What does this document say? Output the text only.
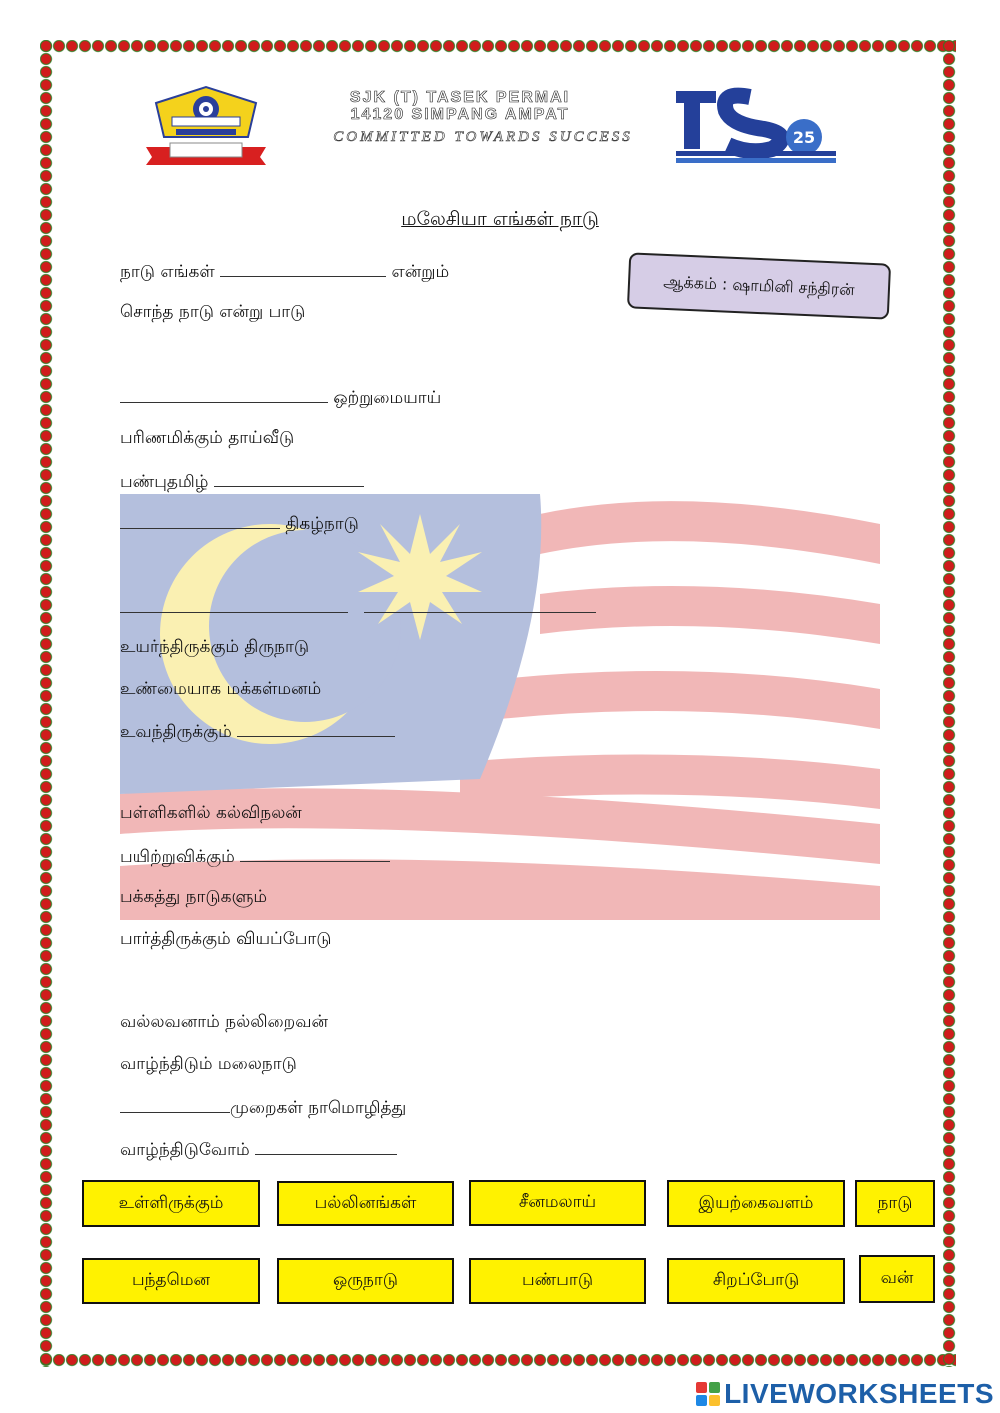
SJK (T) TASEK PERMAI
14120 SIMPANG AMPAT
COMMITTED TOWARDS SUCCESS	25
மலேசியா எங்கள் நாடு
ஆக்கம் : ஷாமினி சந்திரன்
நாடு எங்கள்	என்றும்
சொந்த நாடு என்று பாடு
ஒற்றுமையாய்
பரிணமிக்கும் தாய்வீடு
பண்புதமிழ்
திகழ்நாடு

உயர்ந்திருக்கும் திருநாடு
உண்மையாக மக்கள்மனம்
உவந்திருக்கும்
பள்ளிகளில் கல்விநலன்
பயிற்றுவிக்கும்
பக்கத்து நாடுகளும்
பார்த்திருக்கும் வியப்போடு
வல்லவனாம் நல்லிறைவன்
வாழ்ந்திடும் மலைநாடு
முறைகள் நாமொழித்து
வாழ்ந்திடுவோம்
உள்ளிருக்கும்	பல்லினங்கள்	சீனமலாய்	இயற்கைவளம்	நாடு
பந்தமென	ஒருநாடு	பண்பாடு	சிறப்போடு	வன்
LIVEWORKSHEETS
